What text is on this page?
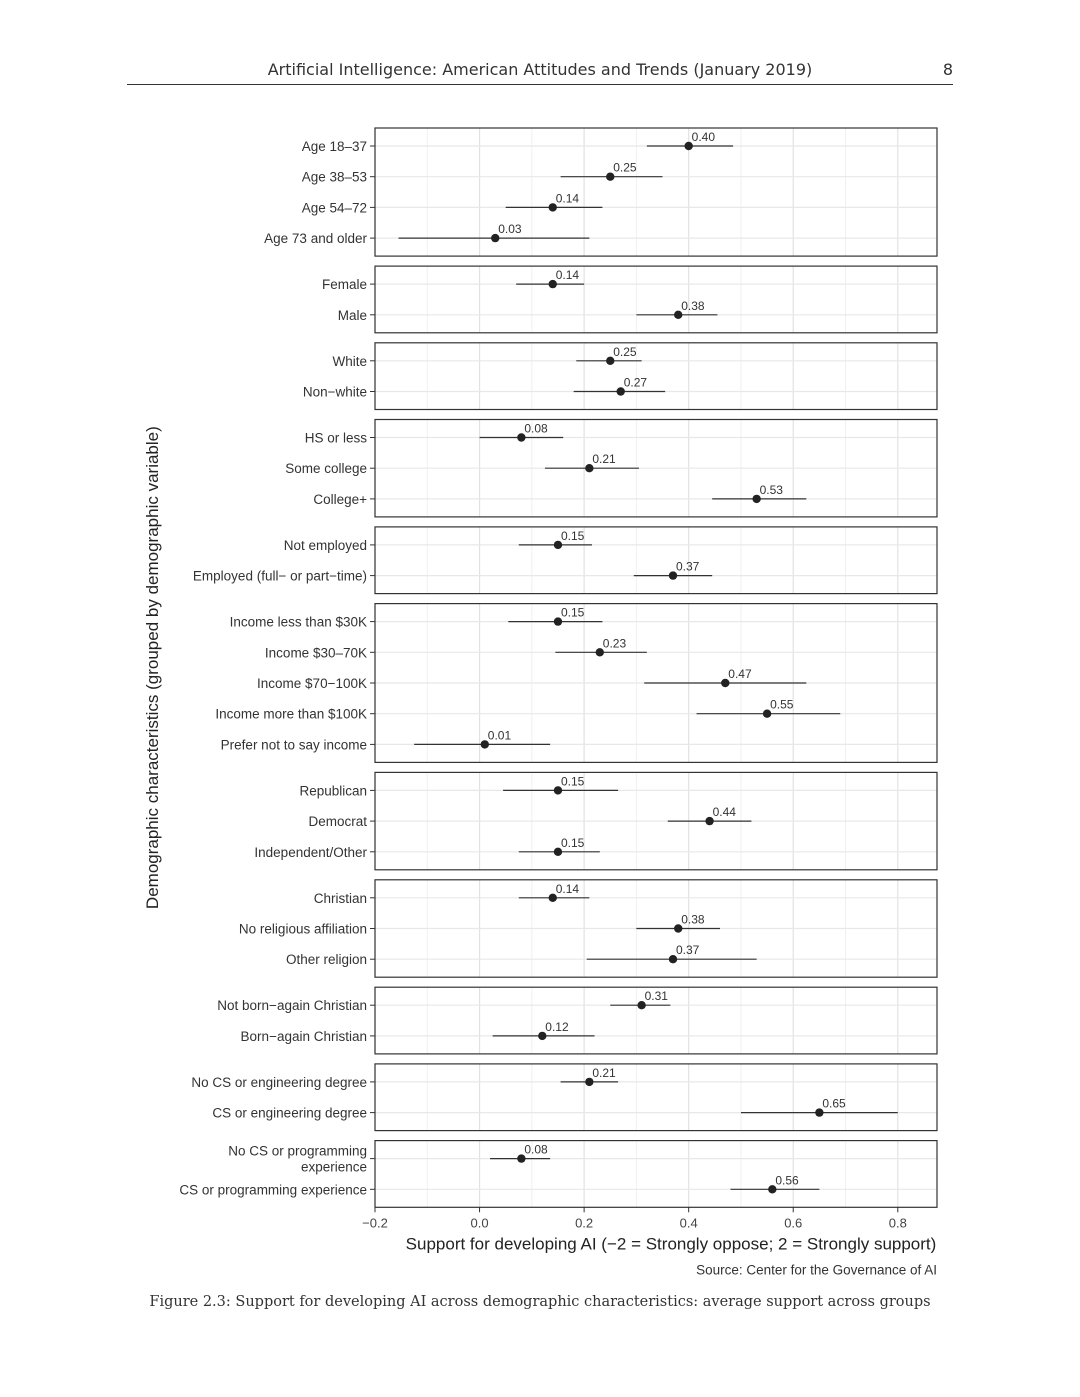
Artificial Intelligence: American Attitudes and Trends (January 2019)	8
Age 18–37
0.40
Age 38–53
0.25
Age 54–72
0.14
Age 73 and older
0.03
Female
0.14
Male
0.38
White
0.25
Non−white
0.27
HS or less
0.08
Some college
0.21
College+
0.53
Not employed
0.15
Employed (full− or part−time)
0.37
Income less than $30K
0.15
Income $30–70K
0.23
Income $70−100K
0.47
Income more than $100K
0.55
Prefer not to say income
0.01
Republican
0.15
Democrat
0.44
Independent/Other
0.15
Christian
0.14
No religious affiliation
0.38
Other religion
0.37
Not born−again Christian
0.31
Born−again Christian
0.12
No CS or engineering degree
0.21
CS or engineering degree
0.65
No CS or programming
experience
0.08
CS or programming experience
0.56
−0.2	0.0	0.2	0.4	0.6	0.8
Support for developing AI (−2 = Strongly oppose; 2 = Strongly support)
Source: Center for the Governance of AI
Demographic characteristics (grouped by demographic variable)
Figure 2.3: Support for developing AI across demographic characteristics: average support across groups
